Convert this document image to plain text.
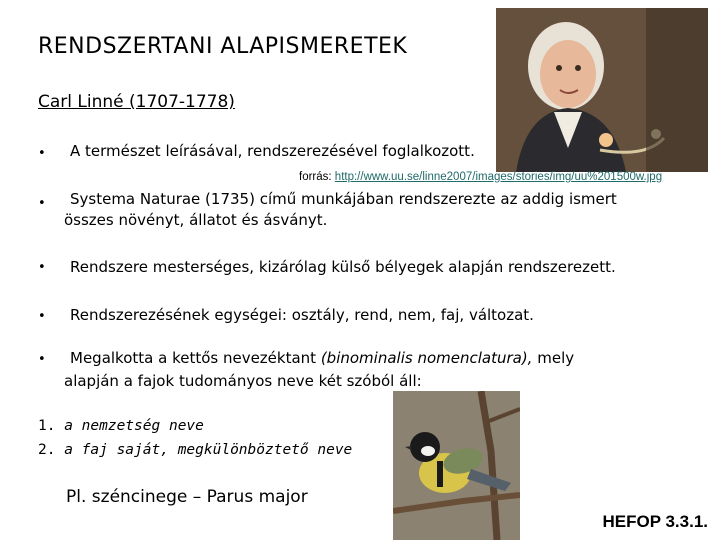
RENDSZERTANI ALAPISMERETEK
Carl Linné (1707-1778)
• A természet leírásával, rendszerezésével foglalkozott.
forrás: http://www.uu.se/linne2007/images/stories/img/uu%201500w.jpg
• Systema Naturae (1735) című munkájában rendszerezte az addig ismert
összes növényt, állatot és ásványt.
• Rendszere mesterséges, kizárólag külső bélyegek alapján rendszerezett.
• Rendszerezésének egységei: osztály, rend, nem, faj, változat.
• Megalkotta a kettős nevezéktant (binominalis nomenclatura), mely
alapján a fajok tudományos neve két szóból áll:
1. a nemzetség neve
2. a faj saját, megkülönböztető neve
Pl. széncinege – Parus major
HEFOP 3.3.1.
